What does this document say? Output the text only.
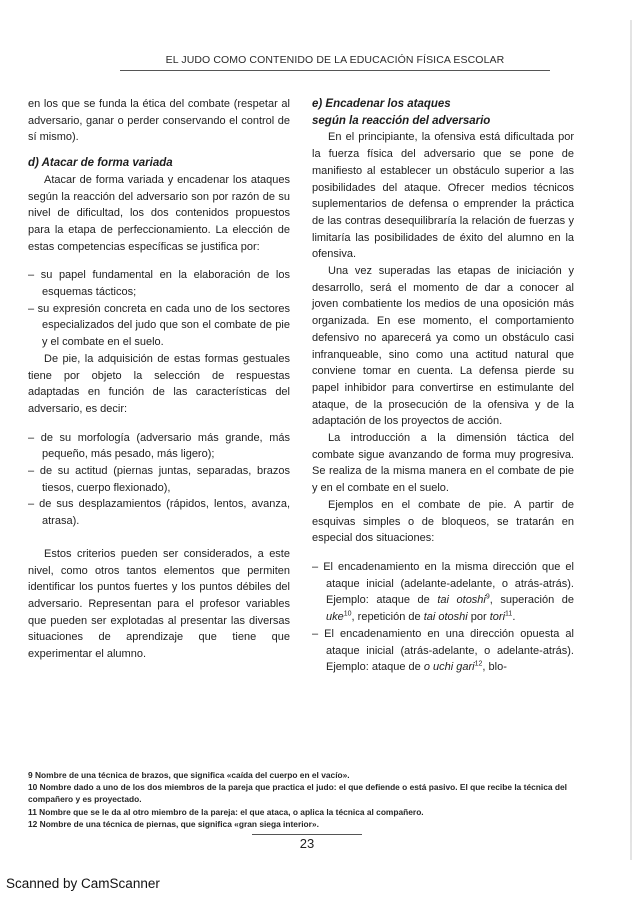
EL JUDO COMO CONTENIDO DE LA EDUCACIÓN FÍSICA ESCOLAR

en los que se funda la ética del combate (respetar al adversario, ganar o perder conservando el control de sí mismo).

d) Atacar de forma variada

Atacar de forma variada y encadenar los ataques según la reacción del adversario son por razón de su nivel de dificultad, los dos contenidos propuestos para la etapa de perfeccionamiento. La elección de estas competencias específicas se justifica por:

– su papel fundamental en la elaboración de los esquemas tácticos;
– su expresión concreta en cada uno de los sectores especializados del judo que son el combate de pie y el combate en el suelo.

De pie, la adquisición de estas formas gestuales tiene por objeto la selección de respuestas adaptadas en función de las características del adversario, es decir:

– de su morfología (adversario más grande, más pequeño, más pesado, más ligero);
– de su actitud (piernas juntas, separadas, brazos tiesos, cuerpo flexionado),
– de sus desplazamientos (rápidos, lentos, avanza, atrasa).

Estos criterios pueden ser considerados, a este nivel, como otros tantos elementos que permiten identificar los puntos fuertes y los puntos débiles del adversario. Representan para el profesor variables que pueden ser explotadas al presentar las diversas situaciones de aprendizaje que tiene que experimentar el alumno.

e) Encadenar los ataques
según la reacción del adversario

En el principiante, la ofensiva está dificultada por la fuerza física del adversario que se pone de manifiesto al establecer un obstáculo superior a las posibilidades del ataque. Ofrecer medios técnicos suplementarios de defensa o emprender la práctica de las contras desequilibraría la relación de fuerzas y limitaría las posibilidades de éxito del alumno en la ofensiva.

Una vez superadas las etapas de iniciación y desarrollo, será el momento de dar a conocer al joven combatiente los medios de una oposición más organizada. En ese momento, el comportamiento defensivo no aparecerá ya como un obstáculo casi infranqueable, sino como una actitud natural que conviene tomar en cuenta. La defensa pierde su papel inhibidor para convertirse en estimulante del ataque, de la prosecución de la ofensiva y de la adaptación de los proyectos de acción.

La introducción a la dimensión táctica del combate sigue avanzando de forma muy progresiva. Se realiza de la misma manera en el combate de pie y en el combate en el suelo.

Ejemplos en el combate de pie. A partir de esquivas simples o de bloqueos, se tratarán en especial dos situaciones:

– El encadenamiento en la misma dirección que el ataque inicial (adelante-adelante, o atrás-atrás). Ejemplo: ataque de tai otoshi$^9$, superación de uke$^{10}$, repetición de tai otoshi por tori$^{11}$.
– El encadenamiento en una dirección opuesta al ataque inicial (atrás-adelante, o adelante-atrás). Ejemplo: ataque de o uchi gari$^{12}$, blo-
9 Nombre de una técnica de brazos, que significa «caída del cuerpo en el vacío».
10 Nombre dado a uno de los dos miembros de la pareja que practica el judo: el que defiende o está pasivo. El que recibe la técnica del compañero y es proyectado.
11 Nombre que se le da al otro miembro de la pareja: el que ataca, o aplica la técnica al compañero.
12 Nombre de una técnica de piernas, que significa «gran siega interior».
23
Scanned by CamScanner
